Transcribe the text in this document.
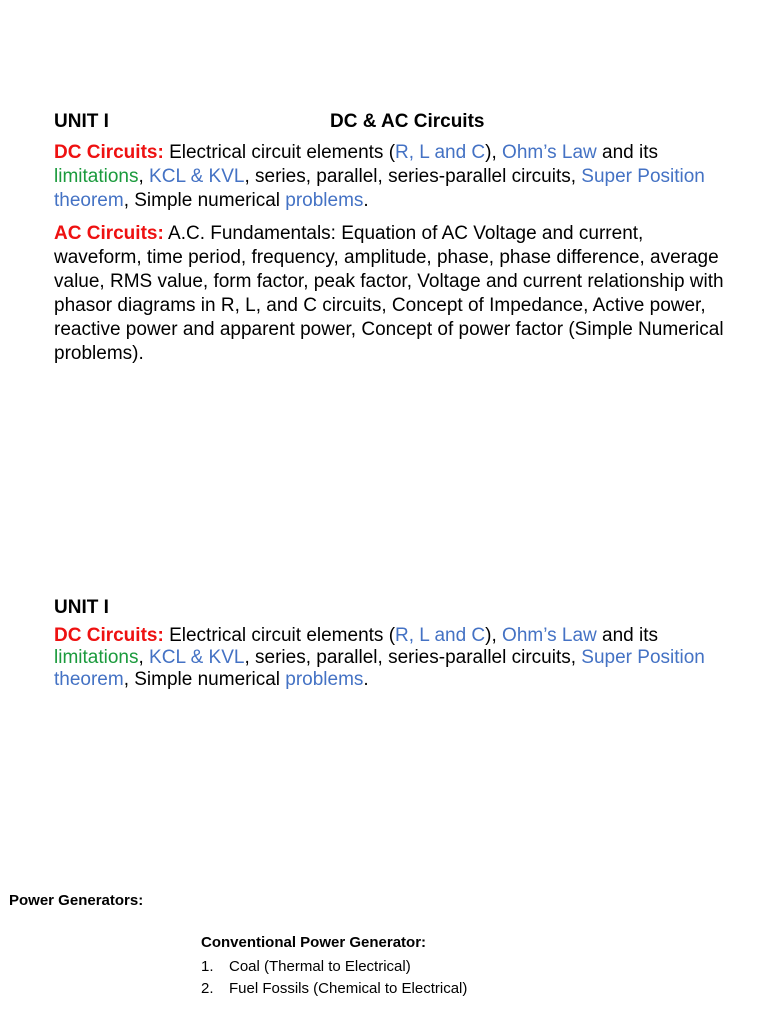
UNIT I	DC & AC Circuits
DC Circuits: Electrical circuit elements (R, L and C), Ohm’s Law and its limitations, KCL & KVL, series, parallel, series-parallel circuits, Super Position theorem, Simple numerical problems.
AC Circuits: A.C. Fundamentals: Equation of AC Voltage and current, waveform, time period, frequency, amplitude, phase, phase difference, average value, RMS value, form factor, peak factor, Voltage and current relationship with phasor diagrams in R, L, and C circuits, Concept of Impedance, Active power, reactive power and apparent power, Concept of power factor (Simple Numerical problems).
UNIT I
DC Circuits: Electrical circuit elements (R, L and C), Ohm’s Law and its limitations, KCL & KVL, series, parallel, series-parallel circuits, Super Position theorem, Simple numerical problems.
Power Generators:
Conventional Power Generator:
1. Coal (Thermal to Electrical)
2. Fuel Fossils (Chemical to Electrical)
